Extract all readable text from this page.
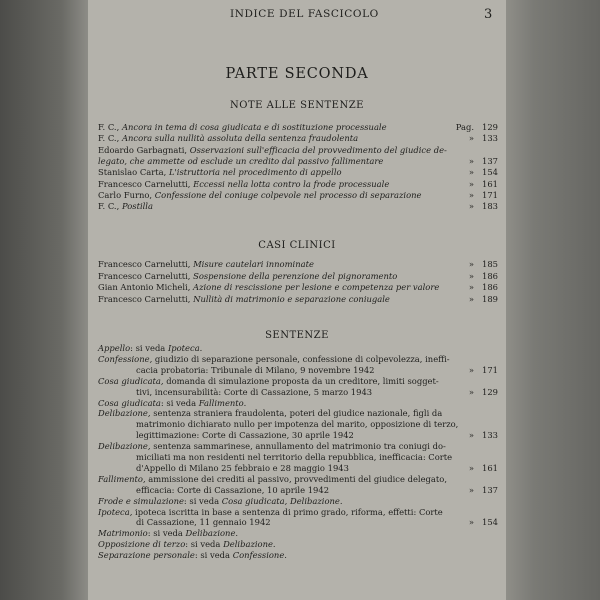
INDICE DEL FASCICOLO	3
PARTE SECONDA
NOTE ALLE SENTENZE
F. C., Ancora in tema di cosa giudicata e di sostituzione processuale	Pag. 129
F. C., Ancora sulla nullità assoluta della sentenza fraudolenta	» 133
Edoardo Garbagnati, Osservazioni sull'efficacia del provvedimento del giudice de-
legato, che ammette od esclude un credito dal passivo fallimentare	» 137
Stanislao Carta, L'istruttoria nel procedimento di appello	» 154
Francesco Carnelutti, Eccessi nella lotta contro la frode processuale	» 161
Carlo Furno, Confessione del coniuge colpevole nel processo di separazione	» 171
F. C., Postilla	» 183
CASI CLINICI
Francesco Carnelutti, Misure cautelari innominate	» 185
Francesco Carnelutti, Sospensione della perenzione del pignoramento	» 186
Gian Antonio Micheli, Azione di rescissione per lesione e competenza per valore	» 186
Francesco Carnelutti, Nullità di matrimonio e separazione coniugale	» 189
SENTENZE
Appello: si veda Ipoteca.
Confessione, giudizio di separazione personale, confessione di colpevolezza, ineffi-
cacia probatoria: Tribunale di Milano, 9 novembre 1942	» 171
Cosa giudicata, domanda di simulazione proposta da un creditore, limiti sogget-
tivi, incensurabilità: Corte di Cassazione, 5 marzo 1943	» 129
Cosa giudicata: si veda Fallimento.
Delibazione, sentenza straniera fraudolenta, poteri del giudice nazionale, figli da
matrimonio dichiarato nullo per impotenza del marito, opposizione di terzo,
legittimazione: Corte di Cassazione, 30 aprile 1942	» 133
Delibazione, sentenza sammarinese, annullamento del matrimonio tra coniugi do-
miciliati ma non residenti nel territorio della repubblica, inefficacia: Corte
d'Appello di Milano 25 febbraio e 28 maggio 1943	» 161
Fallimento, ammissione dei crediti al passivo, provvedimenti del giudice delegato,
efficacia: Corte di Cassazione, 10 aprile 1942	» 137
Frode e simulazione: si veda Cosa giudicata, Delibazione.
Ipoteca, ipoteca iscritta in base a sentenza di primo grado, riforma, effetti: Corte
di Cassazione, 11 gennaio 1942	» 154
Matrimonio: si veda Delibazione.
Opposizione di terzo: si veda Delibazione.
Separazione personale: si veda Confessione.
